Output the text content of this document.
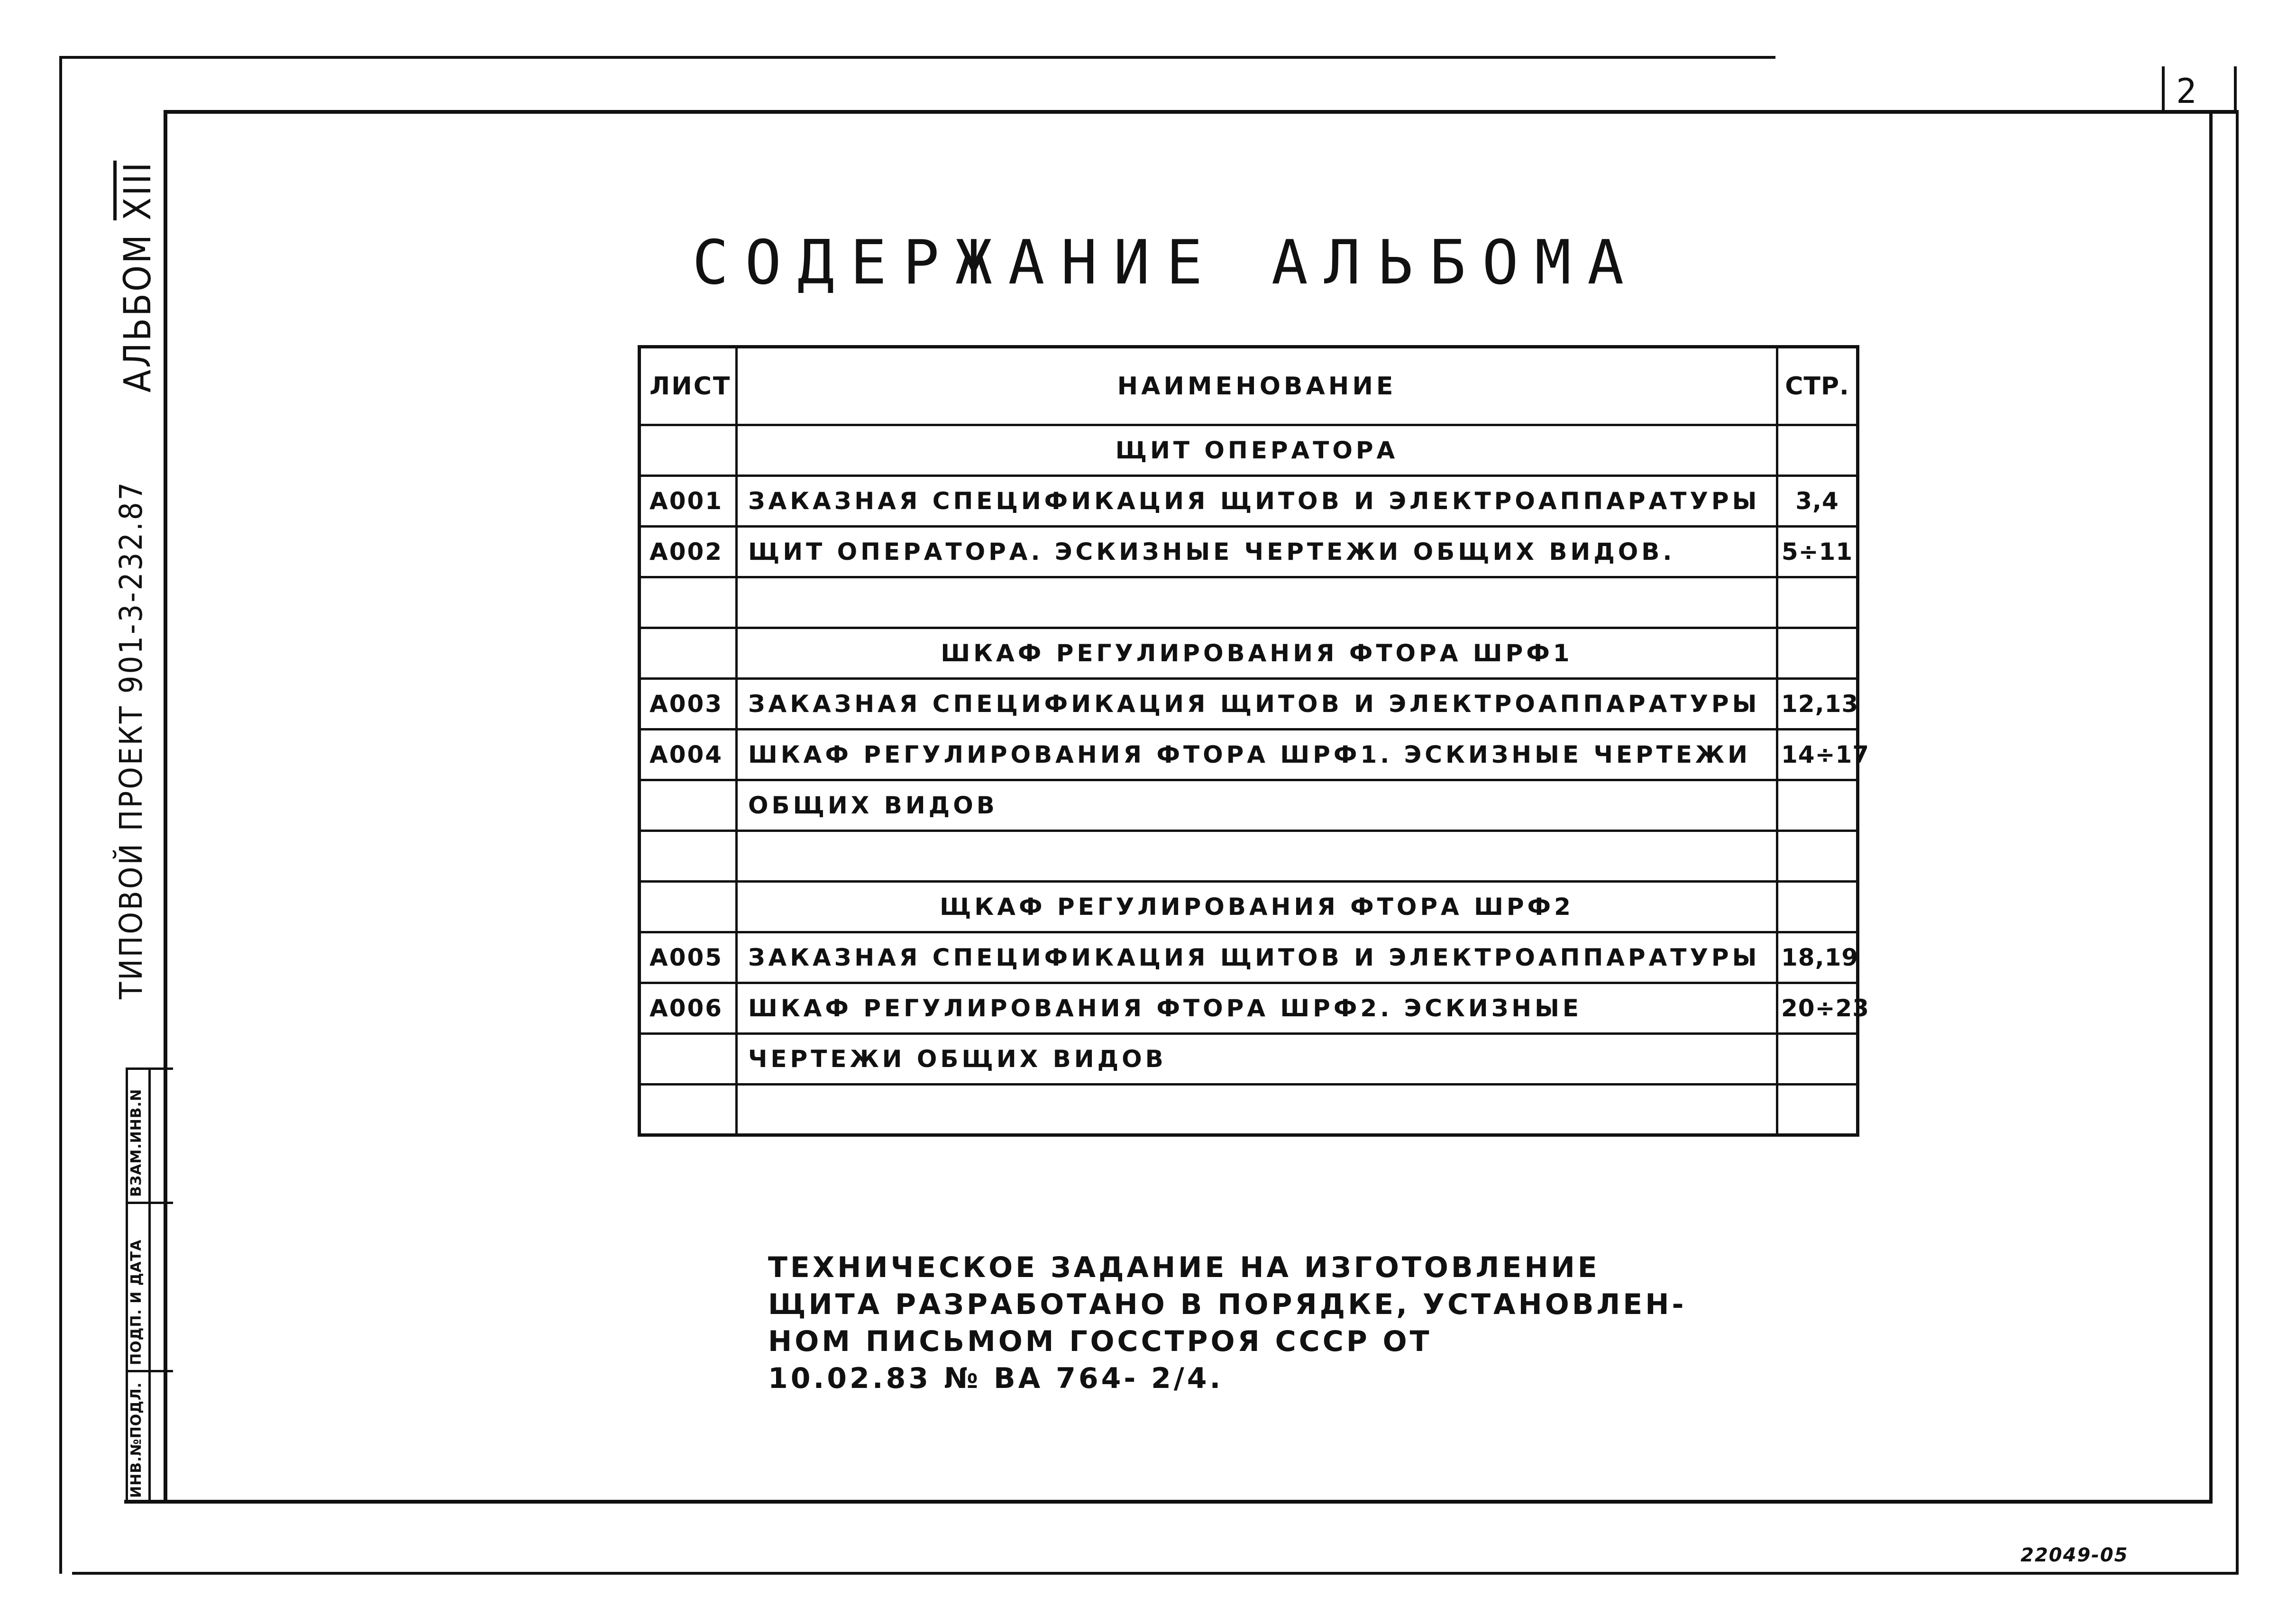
2
ИНВ.№ПОДЛ.
ПОДП. И ДАТА
ВЗАМ.ИНВ.N
ТИПОВОЙ ПРОЕКТ 901-3-232.87
АЛЬБОМ XIII
СОДЕРЖАНИЕ АЛЬБОМА
ЛИСТ	НАИМЕНОВАНИЕ	СТР.
	ЩИТ ОПЕРАТОРА	
А001	ЗАКАЗНАЯ СПЕЦИФИКАЦИЯ ЩИТОВ И ЭЛЕКТРОАППАРАТУРЫ	3,4
А002	ЩИТ ОПЕРАТОРА. ЭСКИЗНЫЕ ЧЕРТЕЖИ ОБЩИХ ВИДОВ.	5÷11

	ШКАФ РЕГУЛИРОВАНИЯ ФТОРА ШРФ1	
А003	ЗАКАЗНАЯ СПЕЦИФИКАЦИЯ ЩИТОВ И ЭЛЕКТРОАППАРАТУРЫ	12,13
А004	ШКАФ РЕГУЛИРОВАНИЯ ФТОРА ШРФ1. ЭСКИЗНЫЕ ЧЕРТЕЖИ	14÷17
	ОБЩИХ ВИДОВ	

	ЩКАФ РЕГУЛИРОВАНИЯ ФТОРА ШРФ2	
А005	ЗАКАЗНАЯ СПЕЦИФИКАЦИЯ ЩИТОВ И ЭЛЕКТРОАППАРАТУРЫ	18,19
А006	ШКАФ РЕГУЛИРОВАНИЯ ФТОРА ШРФ2. ЭСКИЗНЫЕ	20÷23
	ЧЕРТЕЖИ ОБЩИХ ВИДОВ	

ТЕХНИЧЕСКОЕ ЗАДАНИЕ НА ИЗГОТОВЛЕНИЕ
ЩИТА РАЗРАБОТАНО В ПОРЯДКЕ, УСТАНОВЛЕН-
НОМ ПИСЬМОМ ГОССТРОЯ СССР ОТ
10.02.83 № ВА 764- 2/4.
22049-05
